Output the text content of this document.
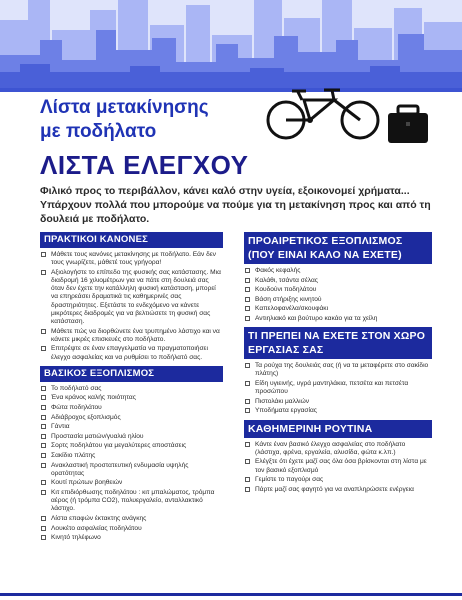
Λίστα μετακίνησης
με ποδήλατο
ΛΙΣΤΑ ΕΛΕΓΧΟΥ
Φιλικό προς το περιβάλλον, κάνει καλό στην υγεία, εξοικονομεί χρήματα... Υπάρχουν πολλά που μπορούμε να πούμε για τη μετακίνηση προς και από τη δουλειά με ποδήλατο.
ΠΡΑΚΤΙΚΟΙ ΚΑΝΟΝΕΣ
Μάθετε τους κανόνες μετακίνησης με ποδήλατο. Εάν δεν τους γνωρίζετε, μάθετέ τους γρήγορα!
Αξιολογήστε το επίπεδο της φυσικής σας κατάστασης. Μια διαδρομή 16 χιλιομέτρων για να πάτε στη δουλειά σας όταν δεν έχετε την κατάλληλη φυσική κατάσταση, μπορεί να επηρεάσει δραματικά τις καθημερινές σας δραστηριότητες. Εξετάστε το ενδεχόμενο να κάνετε μικρότερες διαδρομές για να βελτιώσετε τη φυσική σας κατάσταση.
Μάθετε πώς να διορθώνετε ένα τρυπημένο λάστιχο και να κάνετε μικρές επισκευές στο ποδήλατο.
Επιτρέψτε σε έναν επαγγελματία να πραγματοποιήσει έλεγχο ασφαλείας και να ρυθμίσει το ποδήλατό σας.
ΒΑΣΙΚΟΣ ΕΞΟΠΛΙΣΜΟΣ
Το ποδήλατό σας
Ένα κράνος καλής ποιότητας
Φώτα ποδηλάτου
Αδιάβροχος εξοπλισμός
Γάντια
Προστασία ματιών/γυαλιά ηλίου
Σορτς ποδηλάτου για μεγαλύτερες αποστάσεις
Σακίδιο πλάτης
Ανακλαστική προστατευτική ενδυμασία υψηλής ορατότητας
Κουτί πρώτων βοηθειών
Κιτ επιδιόρθωσης ποδηλάτου : κιτ μπαλώματος, τρόμπα αέρος (ή τρόμπα CO2), πολυεργαλείο, ανταλλακτικό λάστιχο.
Λίστα επαφών έκτακτης ανάγκης
Λουκέτο ασφαλείας ποδηλάτου
Κινητό τηλέφωνο
ΠΡΟΑΙΡΕΤΙΚΟΣ ΕΞΟΠΛΙΣΜΟΣ (ΠΟΥ ΕΙΝΑΙ ΚΑΛΟ ΝΑ ΕΧΕΤΕ)
Φακός κεφαλής
Καλάθι, τσάντα σέλας
Κουδούνι ποδηλάτου
Βάση στήριξης κινητού
Καπελοφανέλα/σκουφάκι
Αντιηλιακό και βούτυρο κακάο για τα χείλη
ΤΙ ΠΡΕΠΕΙ ΝΑ ΕΧΕΤΕ ΣΤΟΝ ΧΩΡΟ ΕΡΓΑΣΙΑΣ ΣΑΣ
Τα ρούχα της δουλειάς σας (ή να τα μεταφέρετε στο σακίδιο πλάτης)
Είδη υγιεινής, υγρά μαντηλάκια, πετσέτα και πετσέτα προσώπου
Πιστολάκι μαλλιών
Υποδήματα εργασίας
ΚΑΘΗΜΕΡΙΝΗ ΡΟΥΤΙΝΑ
Κάντε έναν βασικό έλεγχο ασφαλείας στο ποδήλατο (λάστιχα, φρένα, εργαλεία, αλυσίδα, φώτα κ.λπ.)
Ελέγξτε ότι έχετε μαζί σας όλα όσα βρίσκονται στη λίστα με τον βασικό εξοπλισμό
Γεμίστε το παγούρι σας
Πάρτε μαζί σας φαγητό για να αναπληρώσετε ενέργεια
